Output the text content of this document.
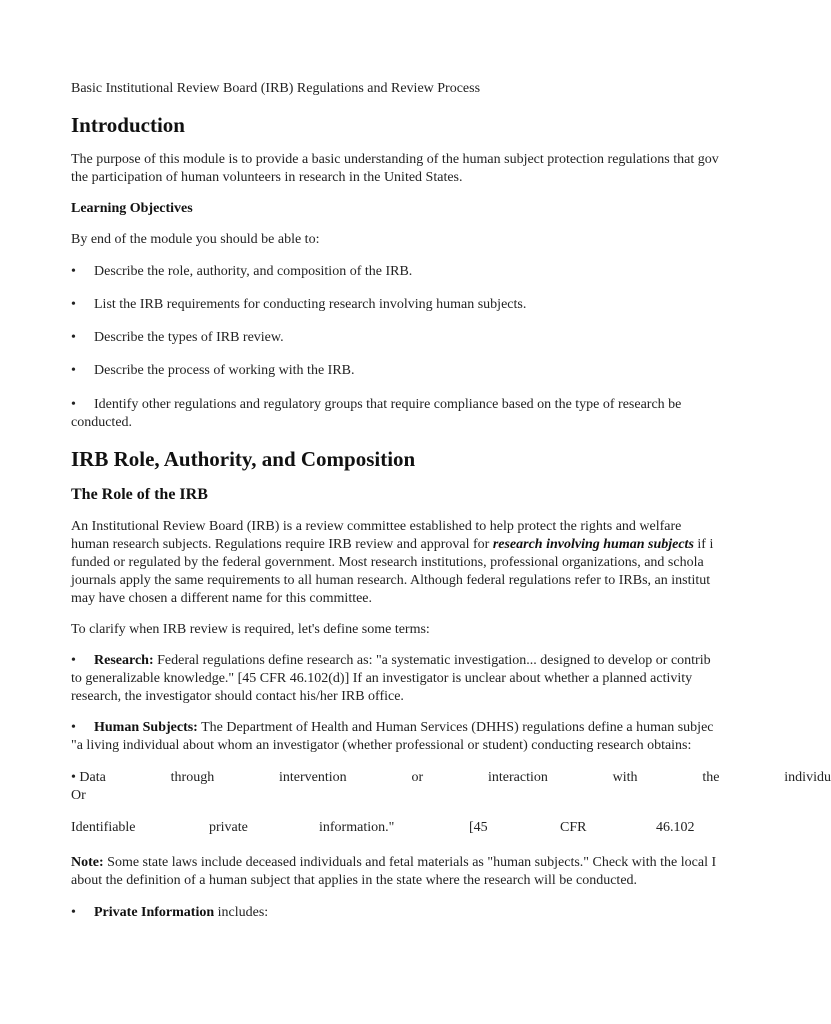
Basic Institutional Review Board (IRB) Regulations and Review Process
Introduction
The purpose of this module is to provide a basic understanding of the human subject protection regulations that gov
the participation of human volunteers in research in the United States.
Learning Objectives
By end of the module you should be able to:
• Describe the role, authority, and composition of the IRB.
• List the IRB requirements for conducting research involving human subjects.
• Describe the types of IRB review.
• Describe the process of working with the IRB.
• Identify other regulations and regulatory groups that require compliance based on the type of research be
conducted.
IRB Role, Authority, and Composition
The Role of the IRB
An Institutional Review Board (IRB) is a review committee established to help protect the rights and welfare
human research subjects. Regulations require IRB review and approval for research involving human subjects if i
funded or regulated by the federal government. Most research institutions, professional organizations, and schola
journals apply the same requirements to all human research. Although federal regulations refer to IRBs, an institut
may have chosen a different name for this committee.
To clarify when IRB review is required, let's define some terms:
• Research: Federal regulations define research as: "a systematic investigation... designed to develop or contrib
to generalizable knowledge." [45 CFR 46.102(d)] If an investigator is unclear about whether a planned activity
research, the investigator should contact his/her IRB office.
• Human Subjects: The Department of Health and Human Services (DHHS) regulations define a human subjec
"a living individual about whom an investigator (whether professional or student) conducting research obtains:
• Data	through	intervention	or	interaction	with	the	individu
Or
Identifiable	private	information."	[45	CFR	46.102
Note: Some state laws include deceased individuals and fetal materials as "human subjects." Check with the local I
about the definition of a human subject that applies in the state where the research will be conducted.
• Private Information includes:
